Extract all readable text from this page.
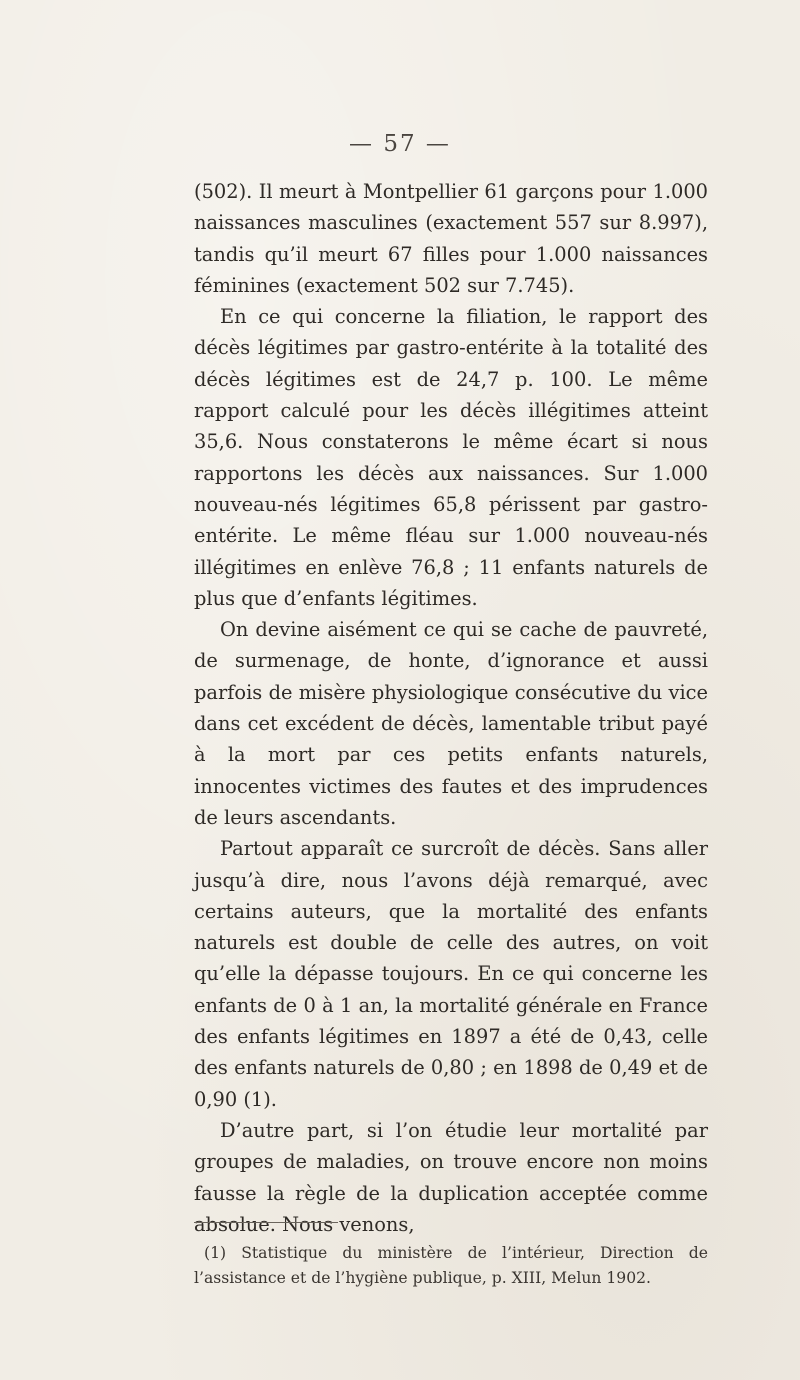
— 57 —

(502). Il meurt à Montpellier 61 garçons pour 1.000 naissances masculines (exactement 557 sur 8.997), tandis qu’il meurt 67 filles pour 1.000 naissances féminines (exactement 502 sur 7.745).

En ce qui concerne la filiation, le rapport des décès légitimes par gastro-entérite à la totalité des décès légitimes est de 24,7 p. 100. Le même rapport calculé pour les décès illégitimes atteint 35,6. Nous constaterons le même écart si nous rapportons les décès aux naissances. Sur 1.000 nouveau-nés légitimes 65,8 périssent par gastro-entérite. Le même fléau sur 1.000 nouveau-nés illégitimes en enlève 76,8 ; 11 enfants naturels de plus que d’enfants légitimes.

On devine aisément ce qui se cache de pauvreté, de surmenage, de honte, d’ignorance et aussi parfois de misère physiologique consécutive du vice dans cet excédent de décès, lamentable tribut payé à la mort par ces petits enfants naturels, innocentes victimes des fautes et des imprudences de leurs ascendants.

Partout apparaît ce surcroît de décès. Sans aller jusqu’à dire, nous l’avons déjà remarqué, avec certains auteurs, que la mortalité des enfants naturels est double de celle des autres, on voit qu’elle la dépasse toujours. En ce qui concerne les enfants de 0 à 1 an, la mortalité générale en France des enfants légitimes en 1897 a été de 0,43, celle des enfants naturels de 0,80 ; en 1898 de 0,49 et de 0,90 (1).

D’autre part, si l’on étudie leur mortalité par groupes de maladies, on trouve encore non moins fausse la règle de la duplication acceptée comme absolue. Nous venons,

(1) Statistique du ministère de l’intérieur, Direction de l’assistance et de l’hygiène publique, p. XIII, Melun 1902.
